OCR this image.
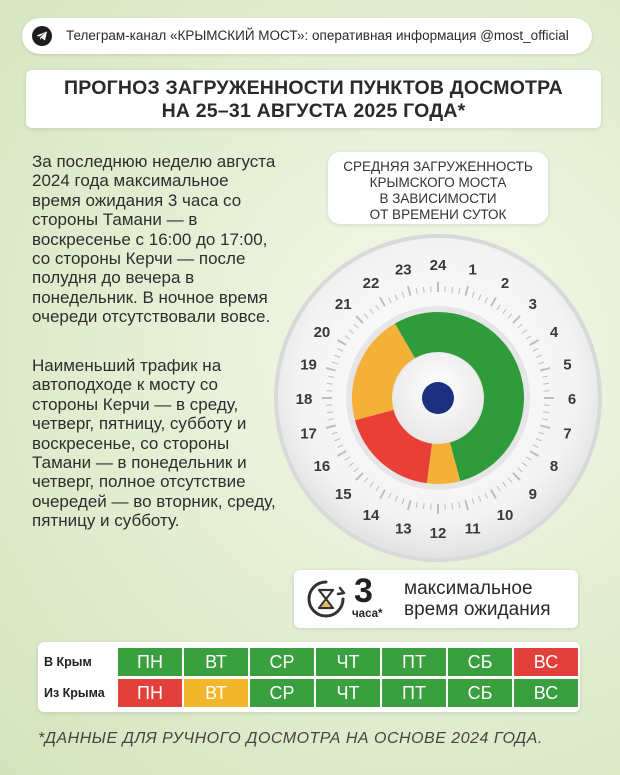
Телеграм-канал «КРЫМСКИЙ МОСТ»: оперативная информация @most_official
ПРОГНОЗ ЗАГРУЖЕННОСТИ ПУНКТОВ ДОСМОТРА
НА 25–31 АВГУСТА 2025 ГОДА*

За последнюю неделю августа 2024 года максимальное время ожидания 3 часа со стороны Тамани — в воскресенье с 16:00 до 17:00, со стороны Керчи — после полудня до вечера в понедельник. В ночное время очереди отсутствовали вовсе.

Наименьший трафик на автоподходе к мосту со стороны Керчи — в среду, четверг, пятницу, субботу и воскресенье, со стороны Тамани — в понедельник и четверг, полное отсутствие очередей — во вторник, среду, пятницу и субботу.

СРЕДНЯЯ ЗАГРУЖЕННОСТЬ
КРЫМСКОГО МОСТА
В ЗАВИСИМОСТИ
ОТ ВРЕМЕНИ СУТОК
24 1
2
3
4
5
6
7
8
9
10
11
12
13
14
15
16
17
18
19
20
21
22
23
3
часа*
максимальное время ожидания
В Крым	ПН	ВТ	СР	ЧТ	ПТ	СБ	ВС
Из Крыма	ПН	ВТ	СР	ЧТ	ПТ	СБ	ВС
*ДАННЫЕ ДЛЯ РУЧНОГО ДОСМОТРА НА ОСНОВЕ 2024 ГОДА.
